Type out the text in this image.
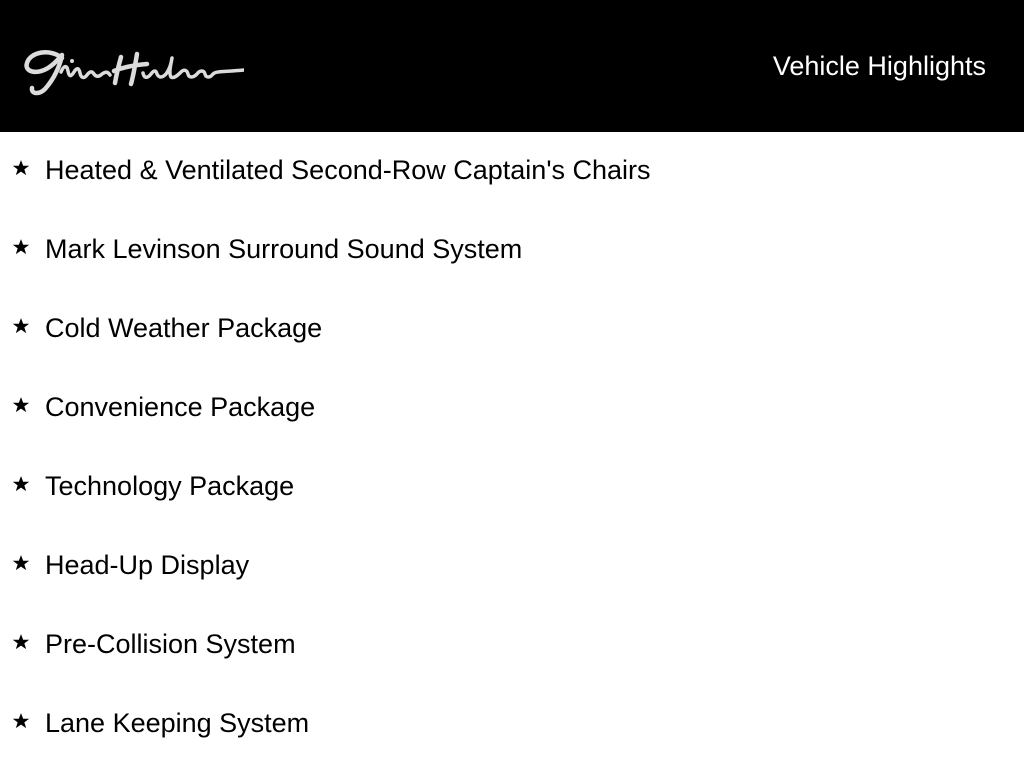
Vehicle Highlights
Heated & Ventilated Second-Row Captain's Chairs
Mark Levinson Surround Sound System
Cold Weather Package
Convenience Package
Technology Package
Head-Up Display
Pre-Collision System
Lane Keeping System
